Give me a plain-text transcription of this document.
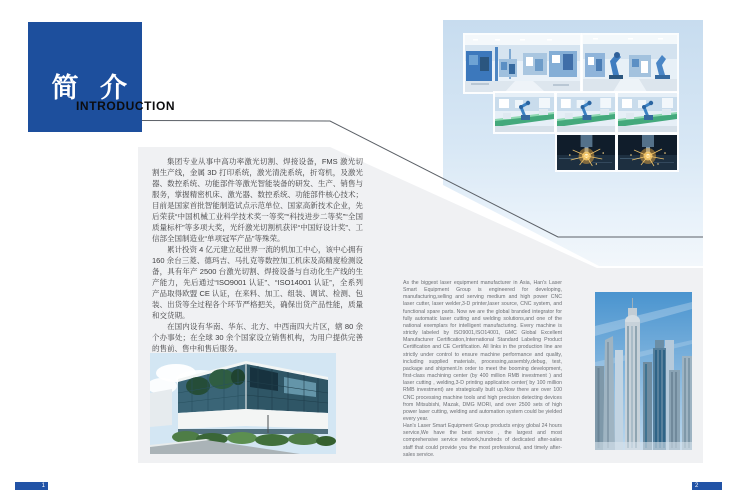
简 介
INTRODUCTION

集团专业从事中高功率激光切割、焊接设备，FMS 激光切割生产线，金属 3D 打印系统，激光清洗系统，折弯机，及激光器、数控系统、功能部件等激光智能装备的研发、生产、销售与服务，掌握精密机床、激光器、数控系统、功能部件核心技术；目前是国家首批智能制造试点示范单位、国家高新技术企业，先后荣获“中国机械工业科学技术奖一等奖”“科技进步二等奖”“全国质量标杆”等多项大奖，光纤激光切割机获评“中国好设计奖”、工信部全国制造业“单项冠军产品”等殊荣。

累计投资 4 亿元建立起世界一流的机加工中心，该中心拥有 160 余台三菱、德玛吉、马扎克等数控加工机床及高精度检测设备，具有年产 2500 台激光切割、焊接设备与自动化生产线的生产能力，先后通过“ISO9001 认证”、“ISO14001 认证”，全系列产品取得欧盟 CE 认证，在来料、加工、组装、调试、检测、包装、出货等全过程各个环节严格把关，确保出货产品性能，质量和交货期。

在国内设有华南、华东、北方、中西南四大片区，辖 80 余个办事处；在全球 30 余个国家设立销售机构，为用户提供完善的售前、售中和售后服务。

As the biggest laser equipment manufacturer in Asia, Han's Laser Smart Equipment Group is engineered for developing, manufacturing,selling and serving medium and high power CNC laser cutter, laser welder,3-D printer,laser source, CNC system, and functional spare parts. Now we are the global branded integrator for fully automatic laser cutting and welding solutions,and one of the national exemplars for intelligent manufacturing. Every machine is strictly labeled by ISO9001,ISO14001, GMC Global Excellent Manufacturer Certification,International Standard Labeling Product Certification and CE Certification. All links in the production line are strictly under control to ensure machine performance and quality, including supplied materials, processing,assembly,debug, test, package and shipment.In order to meet the booming development, first-class machining center (by 400 million RMB investment ) and laser cutting , welding,3-D printing application center( by 100 million RMB investment) are strategically built up.Now there are over 100 CNC processing machine tools and high precision detecting devices from Mitsubishi, Mazak, DMG MORI, and over 2500 sets of high power laser cutting, welding and automation system could be yielded every year.

Han's Laser Smart Equipment Group products enjoy global 24 hours service,We have the best service , the largest and most comprehensive service network,hundreds of dedicated after-sales staff that could provide you the most professional, and timely after-sales service.

1	2
